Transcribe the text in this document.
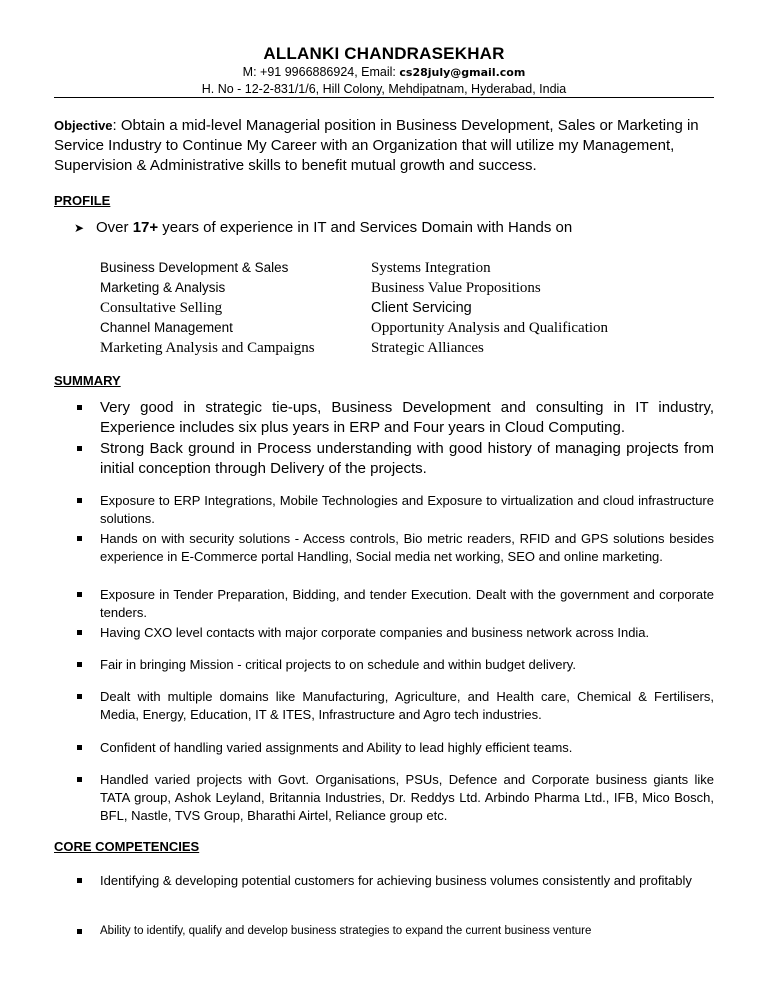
ALLANKI CHANDRASEKHAR
M: +91 9966886924, Email: cs28july@gmail.com
H. No - 12-2-831/1/6, Hill Colony, Mehdipatnam, Hyderabad, India
Objective: Obtain a mid-level Managerial position in Business Development, Sales or Marketing in Service Industry to Continue My Career with an Organization that will utilize my Management, Supervision & Administrative skills to benefit mutual growth and success.
PROFILE
➤ Over 17+ years of experience in IT and Services Domain with Hands on
Business Development & Sales	Systems Integration
Marketing & Analysis	Business Value Propositions
Consultative Selling	Client Servicing
Channel Management	Opportunity Analysis and Qualification
Marketing Analysis and Campaigns	Strategic Alliances
SUMMARY
Very good in strategic tie-ups, Business Development and consulting in IT industry, Experience includes six plus years in ERP and Four years in Cloud Computing.
Strong Back ground in Process understanding with good history of managing projects from initial conception through Delivery of the projects.
Exposure to ERP Integrations, Mobile Technologies and Exposure to virtualization and cloud infrastructure solutions.
Hands on with security solutions - Access controls, Bio metric readers, RFID and GPS solutions besides experience in E-Commerce portal Handling, Social media net working, SEO and online marketing.
Exposure in Tender Preparation, Bidding, and tender Execution. Dealt with the government and corporate tenders.
Having CXO level contacts with major corporate companies and business network across India.
Fair in bringing Mission - critical projects to on schedule and within budget delivery.
Dealt with multiple domains like Manufacturing, Agriculture, and Health care, Chemical & Fertilisers, Media, Energy, Education, IT & ITES, Infrastructure and Agro tech industries.
Confident of handling varied assignments and Ability to lead highly efficient teams.
Handled varied projects with Govt. Organisations, PSUs, Defence and Corporate business giants like TATA group, Ashok Leyland, Britannia Industries, Dr. Reddys Ltd. Arbindo Pharma Ltd., IFB, Mico Bosch, BFL, Nastle, TVS Group, Bharathi Airtel, Reliance group etc.
CORE COMPETENCIES
Identifying & developing potential customers for achieving business volumes consistently and profitably
Ability to identify, qualify and develop business strategies to expand the current business venture
